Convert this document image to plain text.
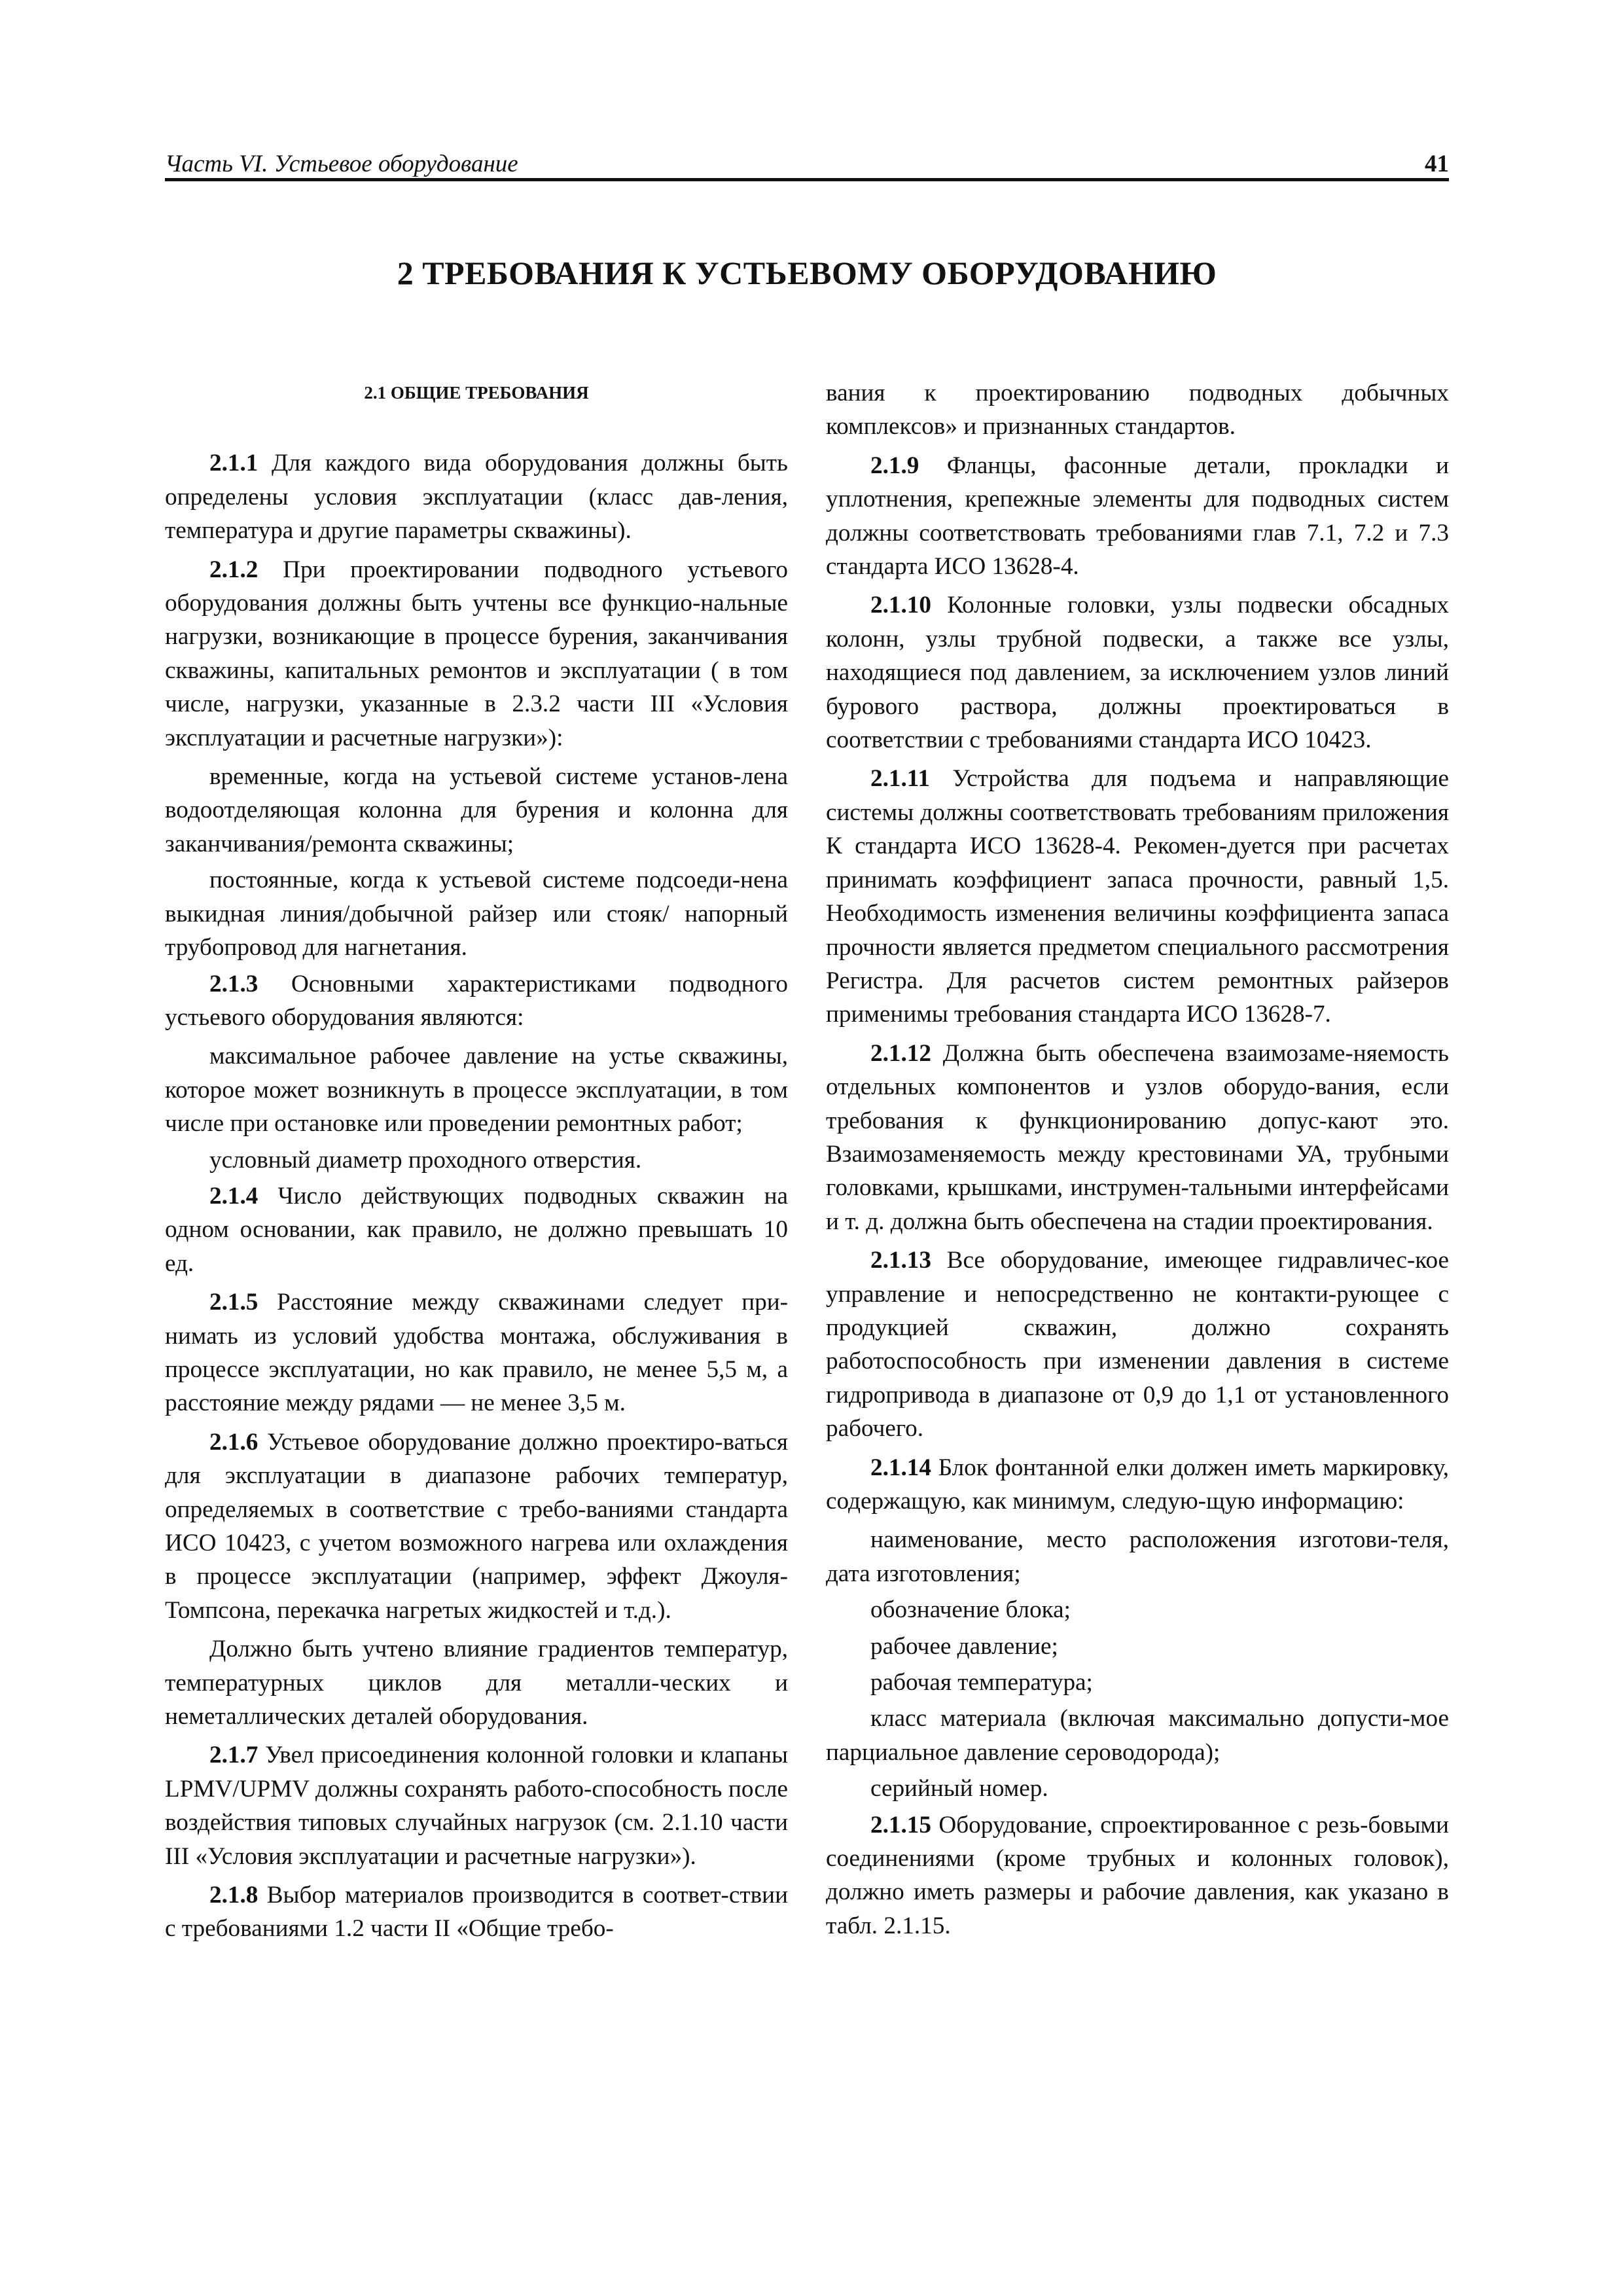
Часть VI. Устьевое оборудование	41
2 ТРЕБОВАНИЯ К УСТЬЕВОМУ ОБОРУДОВАНИЮ
2.1 ОБЩИЕ ТРЕБОВАНИЯ

2.1.1 Для каждого вида оборудования должны быть определены условия эксплуатации (класс дав-ления, температура и другие параметры скважины).

2.1.2 При проектировании подводного устьевого оборудования должны быть учтены все функцио-нальные нагрузки, возникающие в процессе бурения, заканчивания скважины, капитальных ремонтов и эксплуатации ( в том числе, нагрузки, указанные в 2.3.2 части III «Условия эксплуатации и расчетные нагрузки»):

временные, когда на устьевой системе установ-лена водоотделяющая колонна для бурения и колонна для заканчивания/ремонта скважины;

постоянные, когда к устьевой системе подсоеди-нена выкидная линия/добычной райзер или стояк/ напорный трубопровод для нагнетания.

2.1.3 Основными характеристиками подводного устьевого оборудования являются:

максимальное рабочее давление на устье скважины, которое может возникнуть в процессе эксплуатации, в том числе при остановке или проведении ремонтных работ;

условный диаметр проходного отверстия.

2.1.4 Число действующих подводных скважин на одном основании, как правило, не должно превышать 10 ед.

2.1.5 Расстояние между скважинами следует при-нимать из условий удобства монтажа, обслуживания в процессе эксплуатации, но как правило, не менее 5,5 м, а расстояние между рядами — не менее 3,5 м.

2.1.6 Устьевое оборудование должно проектиро-ваться для эксплуатации в диапазоне рабочих температур, определяемых в соответствие с требо-ваниями стандарта ИСО 10423, с учетом возможного нагрева или охлаждения в процессе эксплуатации (например, эффект Джоуля-Томпсона, перекачка нагретых жидкостей и т.д.).

Должно быть учтено влияние градиентов температур, температурных циклов для металли-ческих и неметаллических деталей оборудования.

2.1.7 Увел присоединения колонной головки и клапаны LPMV/UPMV должны сохранять работо-способность после воздействия типовых случайных нагрузок (см. 2.1.10 части III «Условия эксплуатации и расчетные нагрузки»).

2.1.8 Выбор материалов производится в соответ-ствии с требованиями 1.2 части II «Общие требо-

вания к проектированию подводных добычных комплексов» и признанных стандартов.

2.1.9 Фланцы, фасонные детали, прокладки и уплотнения, крепежные элементы для подводных систем должны соответствовать требованиями глав 7.1, 7.2 и 7.3 стандарта ИСО 13628-4.

2.1.10 Колонные головки, узлы подвески обсадных колонн, узлы трубной подвески, а также все узлы, находящиеся под давлением, за исключением узлов линий бурового раствора, должны проектироваться в соответствии с требованиями стандарта ИСО 10423.

2.1.11 Устройства для подъема и направляющие системы должны соответствовать требованиям приложения К стандарта ИСО 13628-4. Рекомен-дуется при расчетах принимать коэффициент запаса прочности, равный 1,5. Необходимость изменения величины коэффициента запаса прочности является предметом специального рассмотрения Регистра. Для расчетов систем ремонтных райзеров применимы требования стандарта ИСО 13628-7.

2.1.12 Должна быть обеспечена взаимозаме-няемость отдельных компонентов и узлов оборудо-вания, если требования к функционированию допус-кают это. Взаимозаменяемость между крестовинами УА, трубными головками, крышками, инструмен-тальными интерфейсами и т. д. должна быть обеспечена на стадии проектирования.

2.1.13 Все оборудование, имеющее гидравличес-кое управление и непосредственно не контакти-рующее с продукцией скважин, должно сохранять работоспособность при изменении давления в системе гидропривода в диапазоне от 0,9 до 1,1 от установленного рабочего.

2.1.14 Блок фонтанной елки должен иметь маркировку, содержащую, как минимум, следую-щую информацию:

наименование, место расположения изготови-теля, дата изготовления;

обозначение блока;

рабочее давление;

рабочая температура;

класс материала (включая максимально допусти-мое парциальное давление сероводорода);

серийный номер.

2.1.15 Оборудование, спроектированное с резь-бовыми соединениями (кроме трубных и колонных головок), должно иметь размеры и рабочие давления, как указано в табл. 2.1.15.
